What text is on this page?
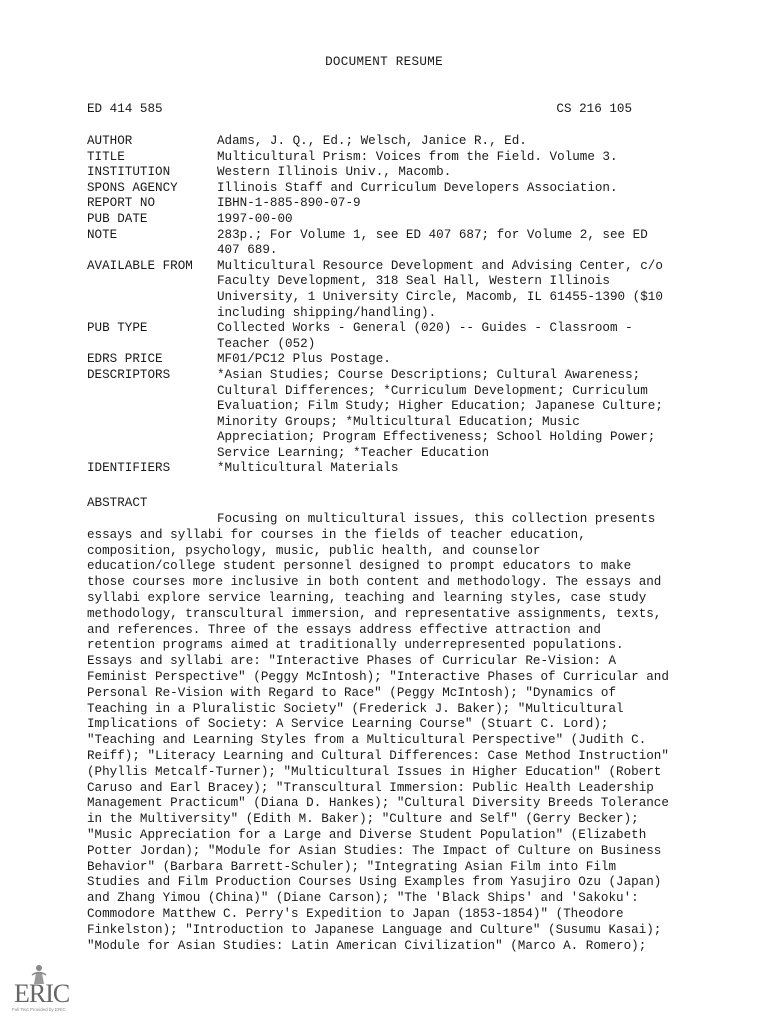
DOCUMENT RESUME
ED 414 585	CS 216 105
AUTHOR	Adams, J. Q., Ed.; Welsch, Janice R., Ed.
TITLE	Multicultural Prism: Voices from the Field. Volume 3.
INSTITUTION	Western Illinois Univ., Macomb.
SPONS AGENCY	Illinois Staff and Curriculum Developers Association.
REPORT NO	IBHN-1-885-890-07-9
PUB DATE	1997-00-00
NOTE	283p.; For Volume 1, see ED 407 687; for Volume 2, see ED
407 689.
AVAILABLE FROM	Multicultural Resource Development and Advising Center, c/o
Faculty Development, 318 Seal Hall, Western Illinois
University, 1 University Circle, Macomb, IL 61455-1390 ($10
including shipping/handling).
PUB TYPE	Collected Works - General (020) -- Guides - Classroom -
Teacher (052)
EDRS PRICE	MF01/PC12 Plus Postage.
DESCRIPTORS	*Asian Studies; Course Descriptions; Cultural Awareness;
Cultural Differences; *Curriculum Development; Curriculum
Evaluation; Film Study; Higher Education; Japanese Culture;
Minority Groups; *Multicultural Education; Music
Appreciation; Program Effectiveness; School Holding Power;
Service Learning; *Teacher Education
IDENTIFIERS	*Multicultural Materials
ABSTRACT
Focusing on multicultural issues, this collection presents
essays and syllabi for courses in the fields of teacher education,
composition, psychology, music, public health, and counselor
education/college student personnel designed to prompt educators to make
those courses more inclusive in both content and methodology. The essays and
syllabi explore service learning, teaching and learning styles, case study
methodology, transcultural immersion, and representative assignments, texts,
and references. Three of the essays address effective attraction and
retention programs aimed at traditionally underrepresented populations.
Essays and syllabi are: "Interactive Phases of Curricular Re-Vision: A
Feminist Perspective" (Peggy McIntosh); "Interactive Phases of Curricular and
Personal Re-Vision with Regard to Race" (Peggy McIntosh); "Dynamics of
Teaching in a Pluralistic Society" (Frederick J. Baker); "Multicultural
Implications of Society: A Service Learning Course" (Stuart C. Lord);
"Teaching and Learning Styles from a Multicultural Perspective" (Judith C.
Reiff); "Literacy Learning and Cultural Differences: Case Method Instruction"
(Phyllis Metcalf-Turner); "Multicultural Issues in Higher Education" (Robert
Caruso and Earl Bracey); "Transcultural Immersion: Public Health Leadership
Management Practicum" (Diana D. Hankes); "Cultural Diversity Breeds Tolerance
in the Multiversity" (Edith M. Baker); "Culture and Self" (Gerry Becker);
"Music Appreciation for a Large and Diverse Student Population" (Elizabeth
Potter Jordan); "Module for Asian Studies: The Impact of Culture on Business
Behavior" (Barbara Barrett-Schuler); "Integrating Asian Film into Film
Studies and Film Production Courses Using Examples from Yasujiro Ozu (Japan)
and Zhang Yimou (China)" (Diane Carson); "The 'Black Ships' and 'Sakoku':
Commodore Matthew C. Perry's Expedition to Japan (1853-1854)" (Theodore
Finkelston); "Introduction to Japanese Language and Culture" (Susumu Kasai);
"Module for Asian Studies: Latin American Civilization" (Marco A. Romero);
ERIC
Full Text Provided by ERIC
